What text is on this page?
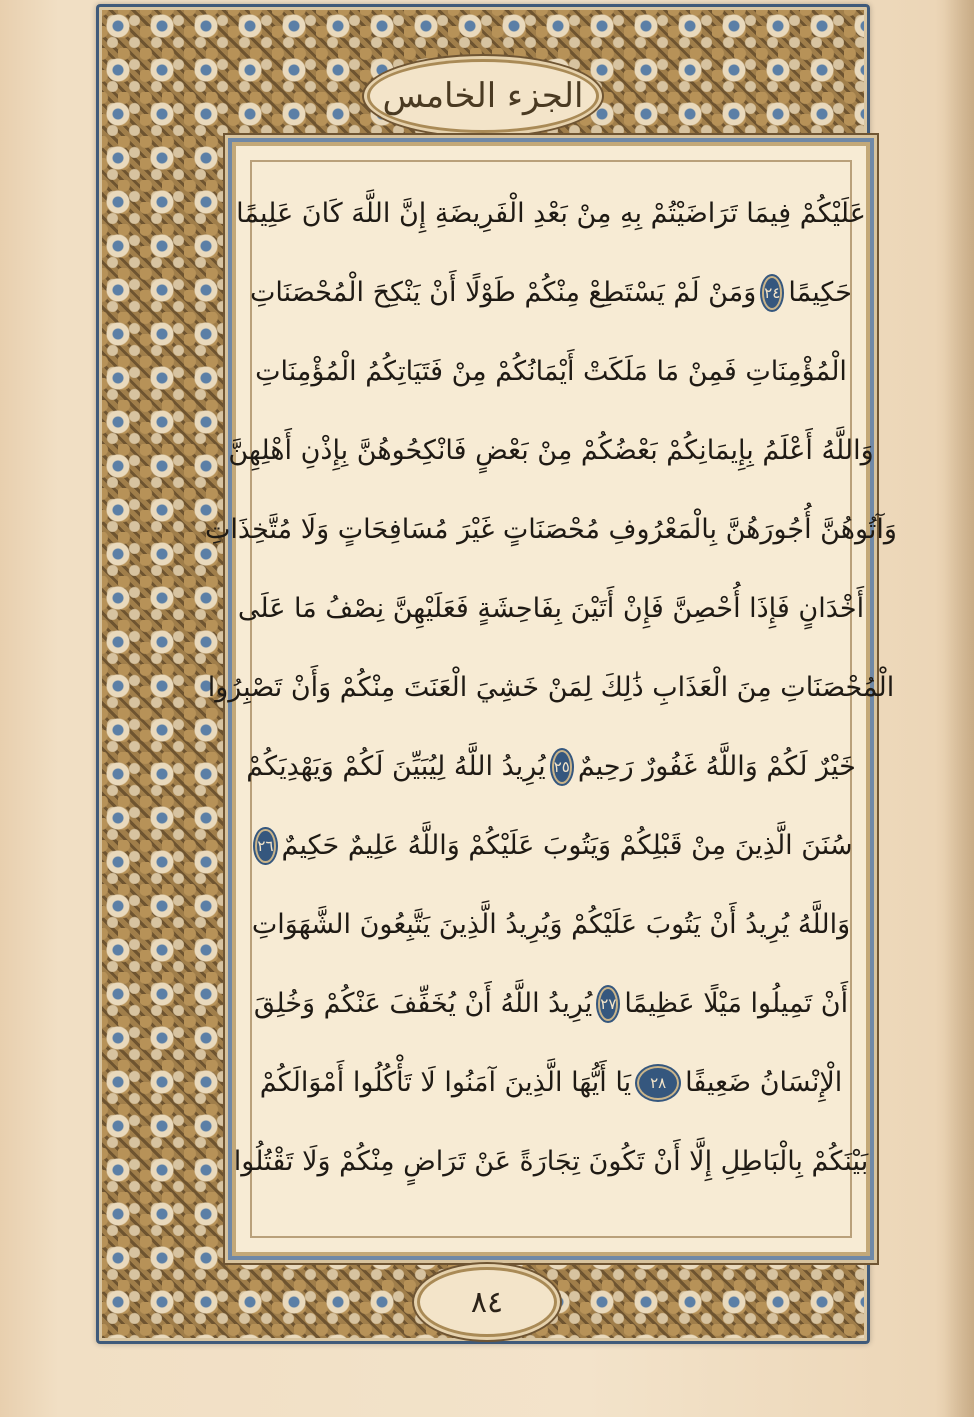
الجزء الخامس
عَلَيْكُمْ فِيمَا تَرَاضَيْتُمْ بِهِ مِنْ بَعْدِ الْفَرِيضَةِ إِنَّ اللَّهَ كَانَ عَلِيمًا
حَكِيمًا
٢٤
وَمَنْ لَمْ يَسْتَطِعْ مِنْكُمْ طَوْلًا أَنْ يَنْكِحَ الْمُحْصَنَاتِ
الْمُؤْمِنَاتِ فَمِنْ مَا مَلَكَتْ أَيْمَانُكُمْ مِنْ فَتَيَاتِكُمُ الْمُؤْمِنَاتِ
وَاللَّهُ أَعْلَمُ بِإِيمَانِكُمْ بَعْضُكُمْ مِنْ بَعْضٍ فَانْكِحُوهُنَّ بِإِذْنِ أَهْلِهِنَّ
وَآتُوهُنَّ أُجُورَهُنَّ بِالْمَعْرُوفِ مُحْصَنَاتٍ غَيْرَ مُسَافِحَاتٍ وَلَا مُتَّخِذَاتِ
أَخْدَانٍ فَإِذَا أُحْصِنَّ فَإِنْ أَتَيْنَ بِفَاحِشَةٍ فَعَلَيْهِنَّ نِصْفُ مَا عَلَى
الْمُحْصَنَاتِ مِنَ الْعَذَابِ ذَٰلِكَ لِمَنْ خَشِيَ الْعَنَتَ مِنْكُمْ وَأَنْ تَصْبِرُوا
خَيْرٌ لَكُمْ وَاللَّهُ غَفُورٌ رَحِيمٌ
٢٥
يُرِيدُ اللَّهُ لِيُبَيِّنَ لَكُمْ وَيَهْدِيَكُمْ
سُنَنَ الَّذِينَ مِنْ قَبْلِكُمْ وَيَتُوبَ عَلَيْكُمْ وَاللَّهُ عَلِيمٌ حَكِيمٌ
٢٦
وَاللَّهُ يُرِيدُ أَنْ يَتُوبَ عَلَيْكُمْ وَيُرِيدُ الَّذِينَ يَتَّبِعُونَ الشَّهَوَاتِ
أَنْ تَمِيلُوا مَيْلًا عَظِيمًا
٢٧
يُرِيدُ اللَّهُ أَنْ يُخَفِّفَ عَنْكُمْ وَخُلِقَ
الْإِنْسَانُ ضَعِيفًا
٢٨
يَا أَيُّهَا الَّذِينَ آمَنُوا لَا تَأْكُلُوا أَمْوَالَكُمْ
بَيْنَكُمْ بِالْبَاطِلِ إِلَّا أَنْ تَكُونَ تِجَارَةً عَنْ تَرَاضٍ مِنْكُمْ وَلَا تَقْتُلُوا
٨٤
